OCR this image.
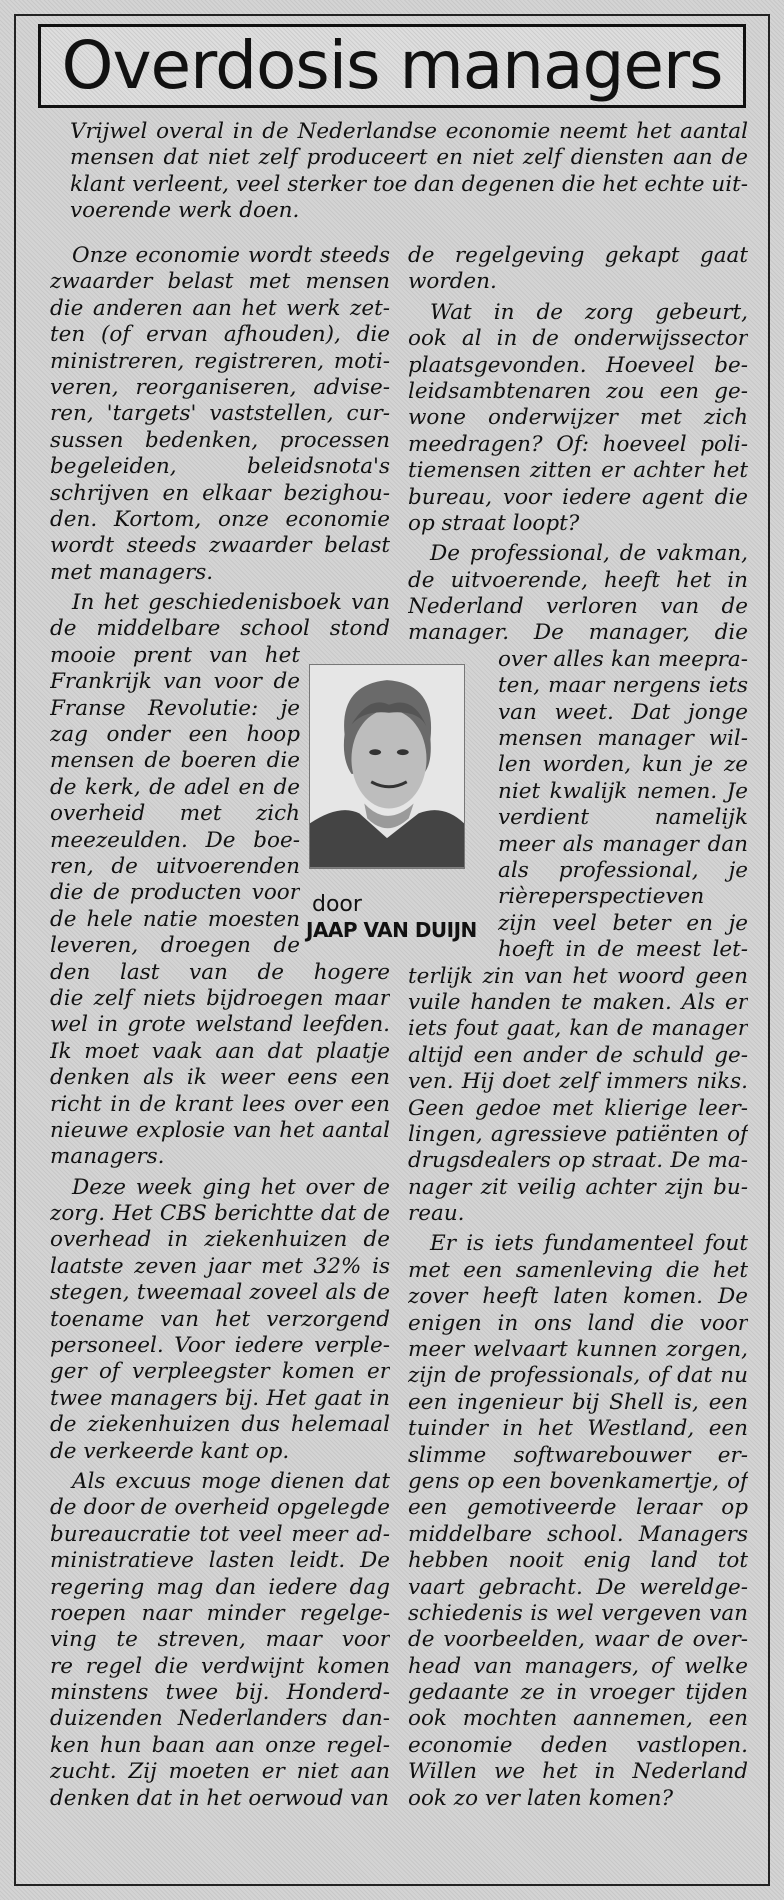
Overdosis managers
Vrijwel overal in de Nederlandse economie neemt het aantal
mensen dat niet zelf produceert en niet zelf diensten aan de
klant verleent, veel sterker toe dan degenen die het echte uit-
voerende werk doen.
Onze economie wordt steeds
zwaarder belast met mensen
die anderen aan het werk zet-
ten (of ervan afhouden), die
ministreren, registreren, moti-
veren, reorganiseren, advise-
ren, 'targets' vaststellen, cur-
sussen bedenken, processen
begeleiden, beleidsnota's
schrijven en elkaar bezighou-
den. Kortom, onze economie
wordt steeds zwaarder belast
met managers.
In het geschiedenisboek van
de middelbare school stond
mooie prent van het
Frankrijk van voor de
Franse Revolutie: je
zag onder een hoop
mensen de boeren die
de kerk, de adel en de
overheid met zich
meezeulden. De boe-
ren, de uitvoerenden
die de producten voor
de hele natie moesten
leveren, droegen de
den last van de hogere
die zelf niets bijdroegen maar
wel in grote welstand leefden.
Ik moet vaak aan dat plaatje
denken als ik weer eens een
richt in de krant lees over een
nieuwe explosie van het aantal
managers.
Deze week ging het over de
zorg. Het CBS berichtte dat de
overhead in ziekenhuizen de
laatste zeven jaar met 32% is
stegen, tweemaal zoveel als de
toename van het verzorgend
personeel. Voor iedere verple-
ger of verpleegster komen er
twee managers bij. Het gaat in
de ziekenhuizen dus helemaal
de verkeerde kant op.
Als excuus moge dienen dat
de door de overheid opgelegde
bureaucratie tot veel meer ad-
ministratieve lasten leidt. De
regering mag dan iedere dag
roepen naar minder regelge-
ving te streven, maar voor
re regel die verdwijnt komen
minstens twee bij. Honderd-
duizenden Nederlanders dan-
ken hun baan aan onze regel-
zucht. Zij moeten er niet aan
denken dat in het oerwoud van
de regelgeving gekapt gaat
worden.
Wat in de zorg gebeurt,
ook al in de onderwijssector
plaatsgevonden. Hoeveel be-
leidsambtenaren zou een ge-
wone onderwijzer met zich
meedragen? Of: hoeveel poli-
tiemensen zitten er achter het
bureau, voor iedere agent die
op straat loopt?
De professional, de vakman,
de uitvoerende, heeft het in
Nederland verloren van de
manager. De manager, die
over alles kan meepra-
ten, maar nergens iets
van weet. Dat jonge
mensen manager wil-
len worden, kun je ze
niet kwalijk nemen. Je
verdient namelijk
meer als manager dan
als professional, je
rièreperspectieven
zijn veel beter en je
hoeft in de meest let-
terlijk zin van het woord geen
vuile handen te maken. Als er
iets fout gaat, kan de manager
altijd een ander de schuld ge-
ven. Hij doet zelf immers niks.
Geen gedoe met klierige leer-
lingen, agressieve patiënten of
drugsdealers op straat. De ma-
nager zit veilig achter zijn bu-
reau.
Er is iets fundamenteel fout
met een samenleving die het
zover heeft laten komen. De
enigen in ons land die voor
meer welvaart kunnen zorgen,
zijn de professionals, of dat nu
een ingenieur bij Shell is, een
tuinder in het Westland, een
slimme softwarebouwer er-
gens op een bovenkamertje, of
een gemotiveerde leraar op
middelbare school. Managers
hebben nooit enig land tot
vaart gebracht. De wereldge-
schiedenis is wel vergeven van
de voorbeelden, waar de over-
head van managers, of welke
gedaante ze in vroeger tijden
ook mochten aannemen, een
economie deden vastlopen.
Willen we het in Nederland
ook zo ver laten komen?
door
JAAP VAN DUIJN
